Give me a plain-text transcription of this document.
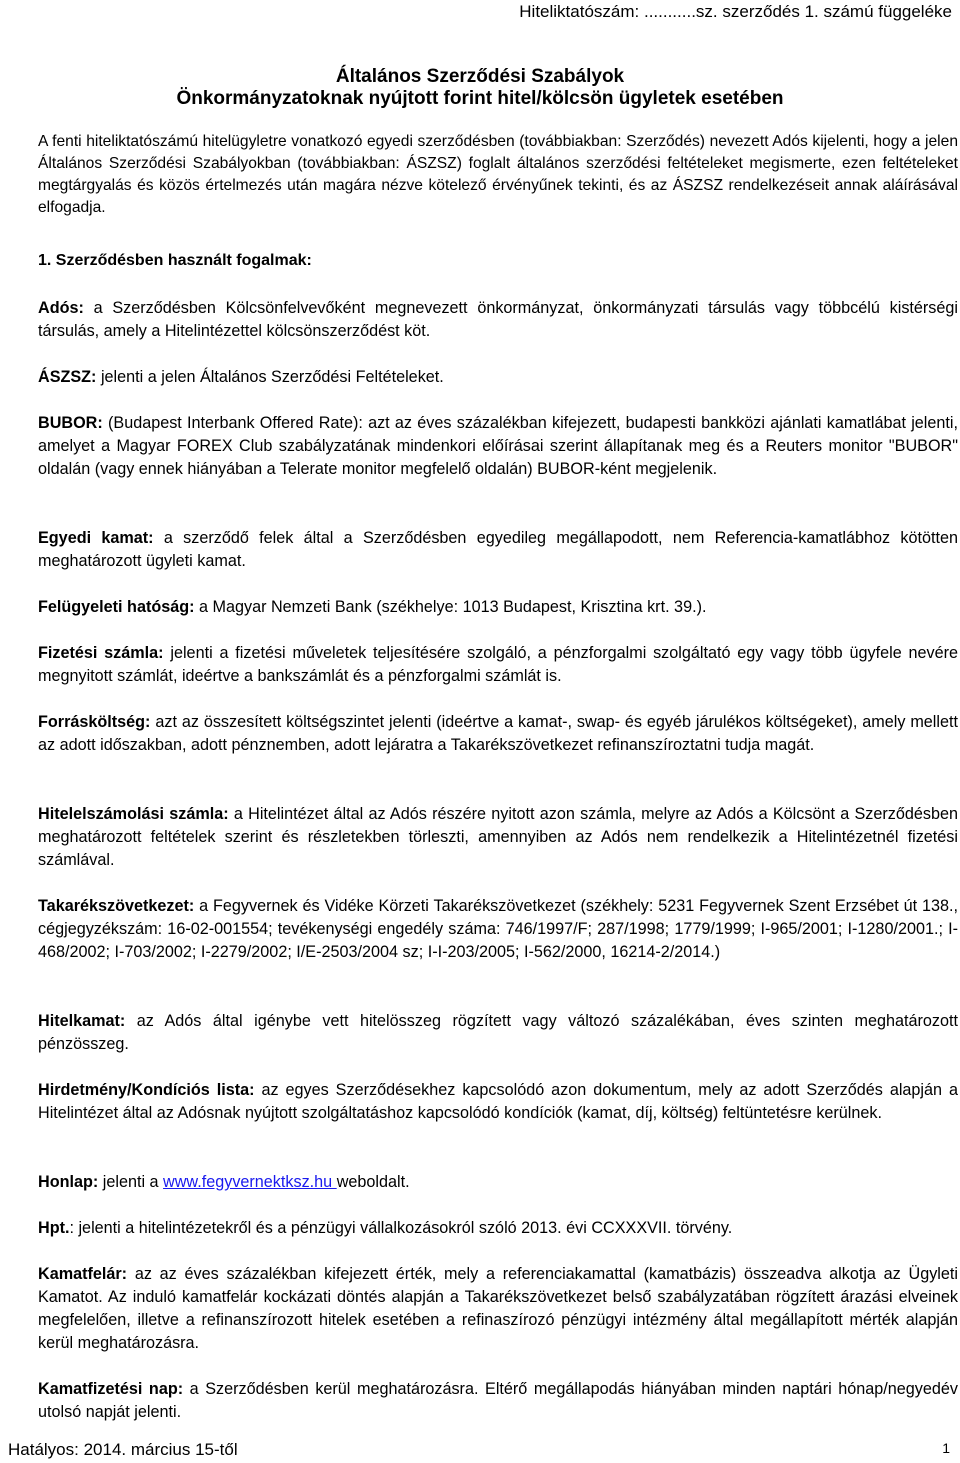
Hiteliktatószám: ...........sz. szerződés 1. számú függeléke
Általános Szerződési Szabályok
Önkormányzatoknak nyújtott forint hitel/kölcsön ügyletek esetében
A fenti hiteliktatószámú hitelügyletre vonatkozó egyedi szerződésben (továbbiakban: Szerződés) nevezett Adós kijelenti, hogy a jelen Általános Szerződési Szabályokban (továbbiakban: ÁSZSZ) foglalt általános szerződési feltételeket megismerte, ezen feltételeket megtárgyalás és közös értelmezés után magára nézve kötelező érvényűnek tekinti, és az ÁSZSZ rendelkezéseit annak aláírásával elfogadja.
1. Szerződésben használt fogalmak:

Adós: a Szerződésben Kölcsönfelvevőként megnevezett önkormányzat, önkormányzati társulás vagy többcélú kistérségi társulás, amely a Hitelintézettel kölcsönszerződést köt.

ÁSZSZ: jelenti a jelen Általános Szerződési Feltételeket.

BUBOR: (Budapest Interbank Offered Rate): azt az éves százalékban kifejezett, budapesti bankközi ajánlati kamatlábat jelenti, amelyet a Magyar FOREX Club szabályzatának mindenkori előírásai szerint állapítanak meg és a Reuters monitor "BUBOR" oldalán (vagy ennek hiányában a Telerate monitor megfelelő oldalán) BUBOR-ként megjelenik.

Egyedi kamat: a szerződő felek által a Szerződésben egyedileg megállapodott, nem Referencia-kamatlábhoz kötötten meghatározott ügyleti kamat.

Felügyeleti hatóság: a Magyar Nemzeti Bank (székhelye: 1013 Budapest, Krisztina krt. 39.).

Fizetési számla: jelenti a fizetési műveletek teljesítésére szolgáló, a pénzforgalmi szolgáltató egy vagy több ügyfele nevére megnyitott számlát, ideértve a bankszámlát és a pénzforgalmi számlát is.

Forrásköltség: azt az összesített költségszintet jelenti (ideértve a kamat-, swap- és egyéb járulékos költségeket), amely mellett az adott időszakban, adott pénznemben, adott lejáratra a Takarékszövetkezet refinanszíroztatni tudja magát.

Hitelelszámolási számla: a Hitelintézet által az Adós részére nyitott azon számla, melyre az Adós a Kölcsönt a Szerződésben meghatározott feltételek szerint és részletekben törleszti, amennyiben az Adós nem rendelkezik a Hitelintézetnél fizetési számlával.

Takarékszövetkezet: a Fegyvernek és Vidéke Körzeti Takarékszövetkezet (székhely: 5231 Fegyvernek Szent Erzsébet út 138., cégjegyzékszám: 16-02-001554; tevékenységi engedély száma: 746/1997/F; 287/1998; 1779/1999; I-965/2001; I-1280/2001.; I-468/2002; I-703/2002; I-2279/2002; I/E-2503/2004 sz; I-I-203/2005; I-562/2000, 16214-2/2014.)

Hitelkamat: az Adós által igénybe vett hitelösszeg rögzített vagy változó százalékában, éves szinten meghatározott pénzösszeg.

Hirdetmény/Kondíciós lista: az egyes Szerződésekhez kapcsolódó azon dokumentum, mely az adott Szerződés alapján a Hitelintézet által az Adósnak nyújtott szolgáltatáshoz kapcsolódó kondíciók (kamat, díj, költség) feltüntetésre kerülnek.

Honlap: jelenti a www.fegyvernektksz.hu weboldalt.

Hpt.: jelenti a hitelintézetekről és a pénzügyi vállalkozásokról szóló 2013. évi CCXXXVII. törvény.

Kamatfelár: az az éves százalékban kifejezett érték, mely a referenciakamattal (kamatbázis) összeadva alkotja az Ügyleti Kamatot. Az induló kamatfelár kockázati döntés alapján a Takarékszövetkezet belső szabályzatában rögzített árazási elveinek megfelelően, illetve a refinanszírozott hitelek esetében a refinaszírozó pénzügyi intézmény által megállapított mérték alapján kerül meghatározásra.

Kamatfizetési nap: a Szerződésben kerül meghatározásra. Eltérő megállapodás hiányában minden naptári hónap/negyedév utolsó napját jelenti.

Hatályos: 2014. március 15-től	1
